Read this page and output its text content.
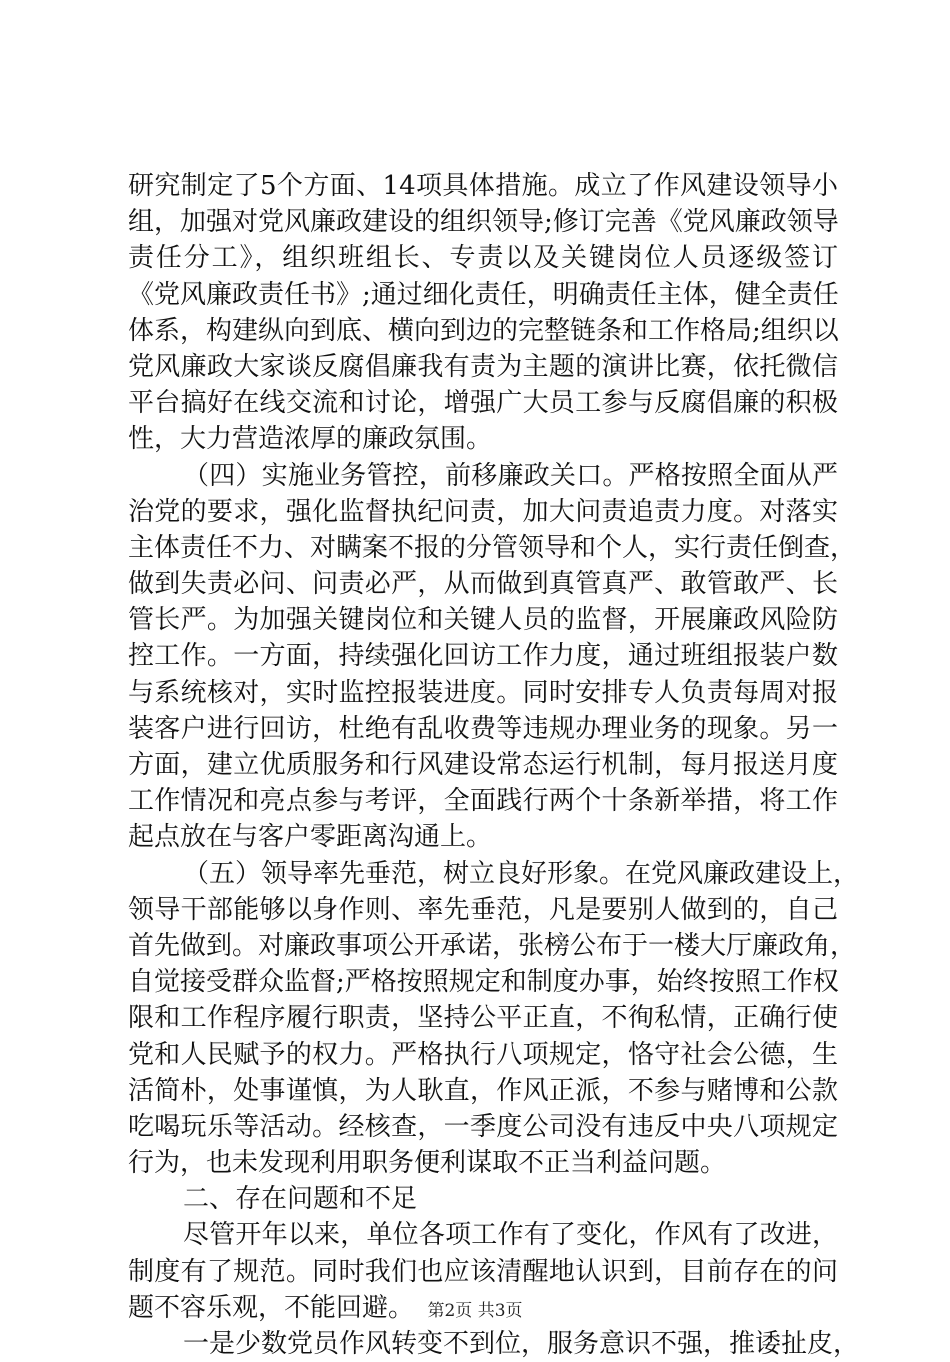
研究制定了5个方面、14项具体措施。成立了作风建设领导小
组，加强对党风廉政建设的组织领导;修订完善《党风廉政领导
责任分工》，组织班组长、专责以及关键岗位人员逐级签订
《党风廉政责任书》;通过细化责任，明确责任主体，健全责任
体系，构建纵向到底、横向到边的完整链条和工作格局;组织以
党风廉政大家谈反腐倡廉我有责为主题的演讲比赛，依托微信
平台搞好在线交流和讨论，增强广大员工参与反腐倡廉的积极
性，大力营造浓厚的廉政氛围。
（四）实施业务管控，前移廉政关口。严格按照全面从严
治党的要求，强化监督执纪问责，加大问责追责力度。对落实
主体责任不力、对瞒案不报的分管领导和个人，实行责任倒查，
做到失责必问、问责必严，从而做到真管真严、敢管敢严、长
管长严。为加强关键岗位和关键人员的监督，开展廉政风险防
控工作。一方面，持续强化回访工作力度，通过班组报装户数
与系统核对，实时监控报装进度。同时安排专人负责每周对报
装客户进行回访，杜绝有乱收费等违规办理业务的现象。另一
方面，建立优质服务和行风建设常态运行机制，每月报送月度
工作情况和亮点参与考评，全面践行两个十条新举措，将工作
起点放在与客户零距离沟通上。
（五）领导率先垂范，树立良好形象。在党风廉政建设上，
领导干部能够以身作则、率先垂范，凡是要别人做到的，自己
首先做到。对廉政事项公开承诺，张榜公布于一楼大厅廉政角，
自觉接受群众监督;严格按照规定和制度办事，始终按照工作权
限和工作程序履行职责，坚持公平正直，不徇私情，正确行使
党和人民赋予的权力。严格执行八项规定，恪守社会公德，生
活简朴，处事谨慎，为人耿直，作风正派，不参与赌博和公款
吃喝玩乐等活动。经核查，一季度公司没有违反中央八项规定
行为，也未发现利用职务便利谋取不正当利益问题。
二、存在问题和不足
尽管开年以来，单位各项工作有了变化，作风有了改进，
制度有了规范。同时我们也应该清醒地认识到，目前存在的问
题不容乐观，不能回避。
一是少数党员作风转变不到位，服务意识不强，推诿扯皮，
第2页 共3页
